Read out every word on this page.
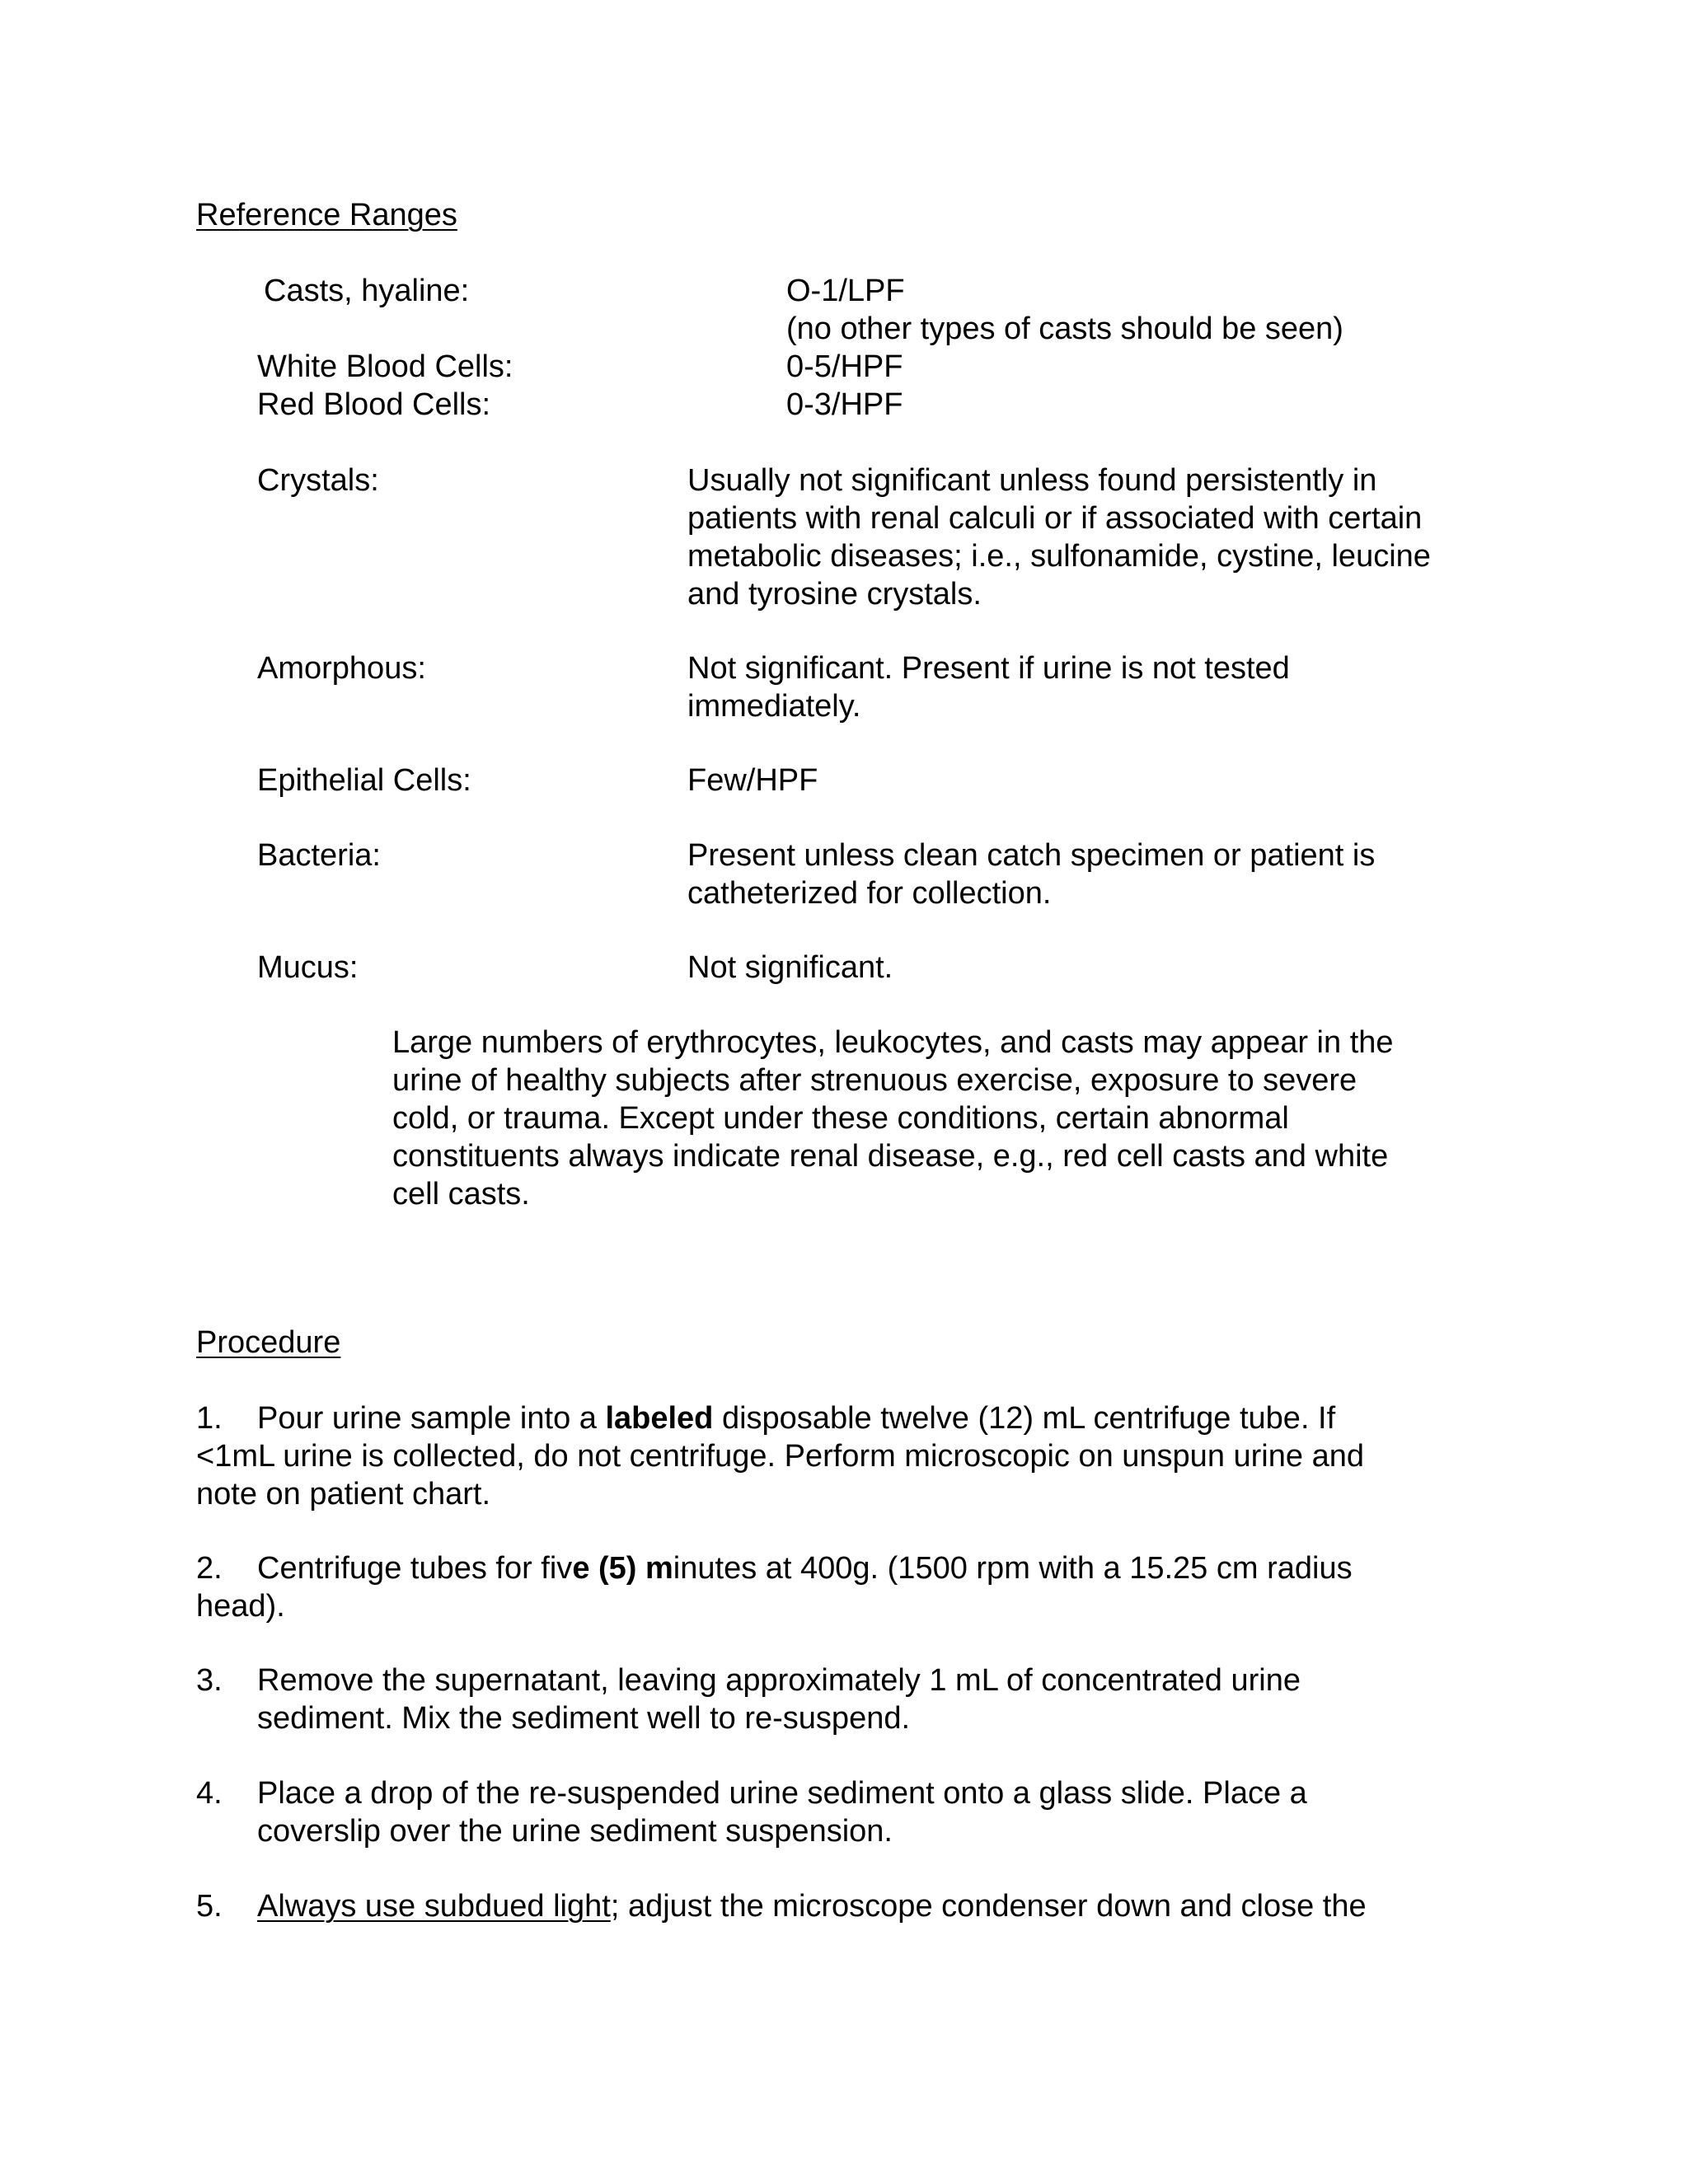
Reference Ranges
Casts, hyaline:	O-1/LPF
(no other types of casts should be seen)
White Blood Cells:	0-5/HPF
Red Blood Cells:	0-3/HPF
Crystals:	Usually not significant unless found persistently in
patients with renal calculi or if associated with certain
metabolic diseases; i.e., sulfonamide, cystine, leucine
and tyrosine crystals.
Amorphous:	Not significant. Present if urine is not tested
immediately.
Epithelial Cells:	Few/HPF
Bacteria:	Present unless clean catch specimen or patient is
catheterized for collection.
Mucus:	Not significant.
Large numbers of erythrocytes, leukocytes, and casts may appear in the
urine of healthy subjects after strenuous exercise, exposure to severe
cold, or trauma. Except under these conditions, certain abnormal
constituents always indicate renal disease, e.g., red cell casts and white
cell casts.
Procedure
1. Pour urine sample into a labeled disposable twelve (12) mL centrifuge tube. If
<1mL urine is collected, do not centrifuge. Perform microscopic on unspun urine and
note on patient chart.
2. Centrifuge tubes for five (5) minutes at 400g. (1500 rpm with a 15.25 cm radius
head).
3. Remove the supernatant, leaving approximately 1 mL of concentrated urine
sediment. Mix the sediment well to re-suspend.
4. Place a drop of the re-suspended urine sediment onto a glass slide. Place a
coverslip over the urine sediment suspension.
5. Always use subdued light; adjust the microscope condenser down and close the
